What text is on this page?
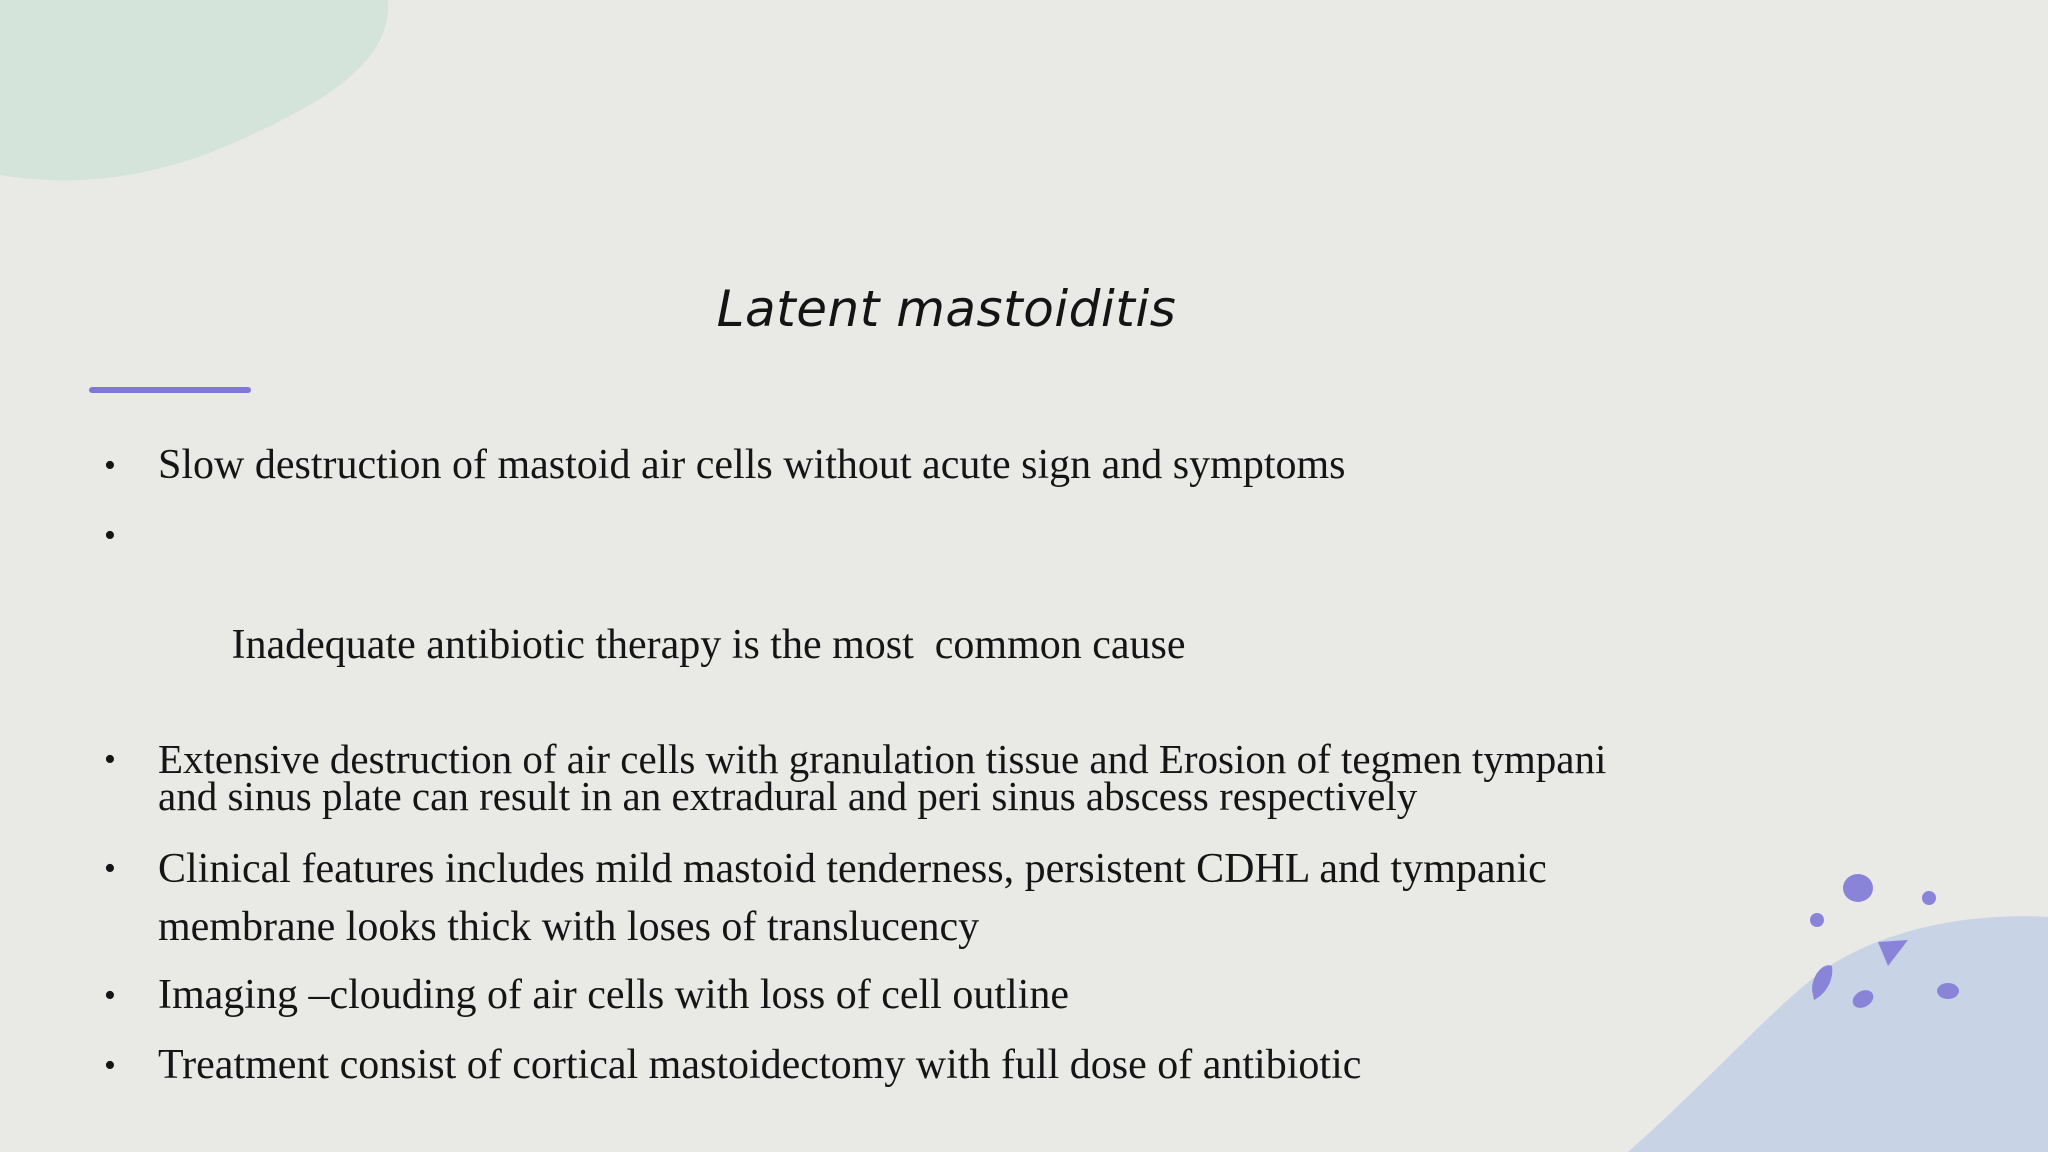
Latent mastoiditis
• Slow destruction of mastoid air cells without acute sign and symptoms

•

Inadequate antibiotic therapy is the most  common cause

• Extensive destruction of air cells with granulation tissue and Erosion of tegmen tympani and sinus plate can result in an extradural and peri sinus abscess respectively
• Clinical features includes mild mastoid tenderness, persistent CDHL and tympanic membrane looks thick with loses of translucency
• Imaging –clouding of air cells with loss of cell outline
• Treatment consist of cortical mastoidectomy with full dose of antibiotic
